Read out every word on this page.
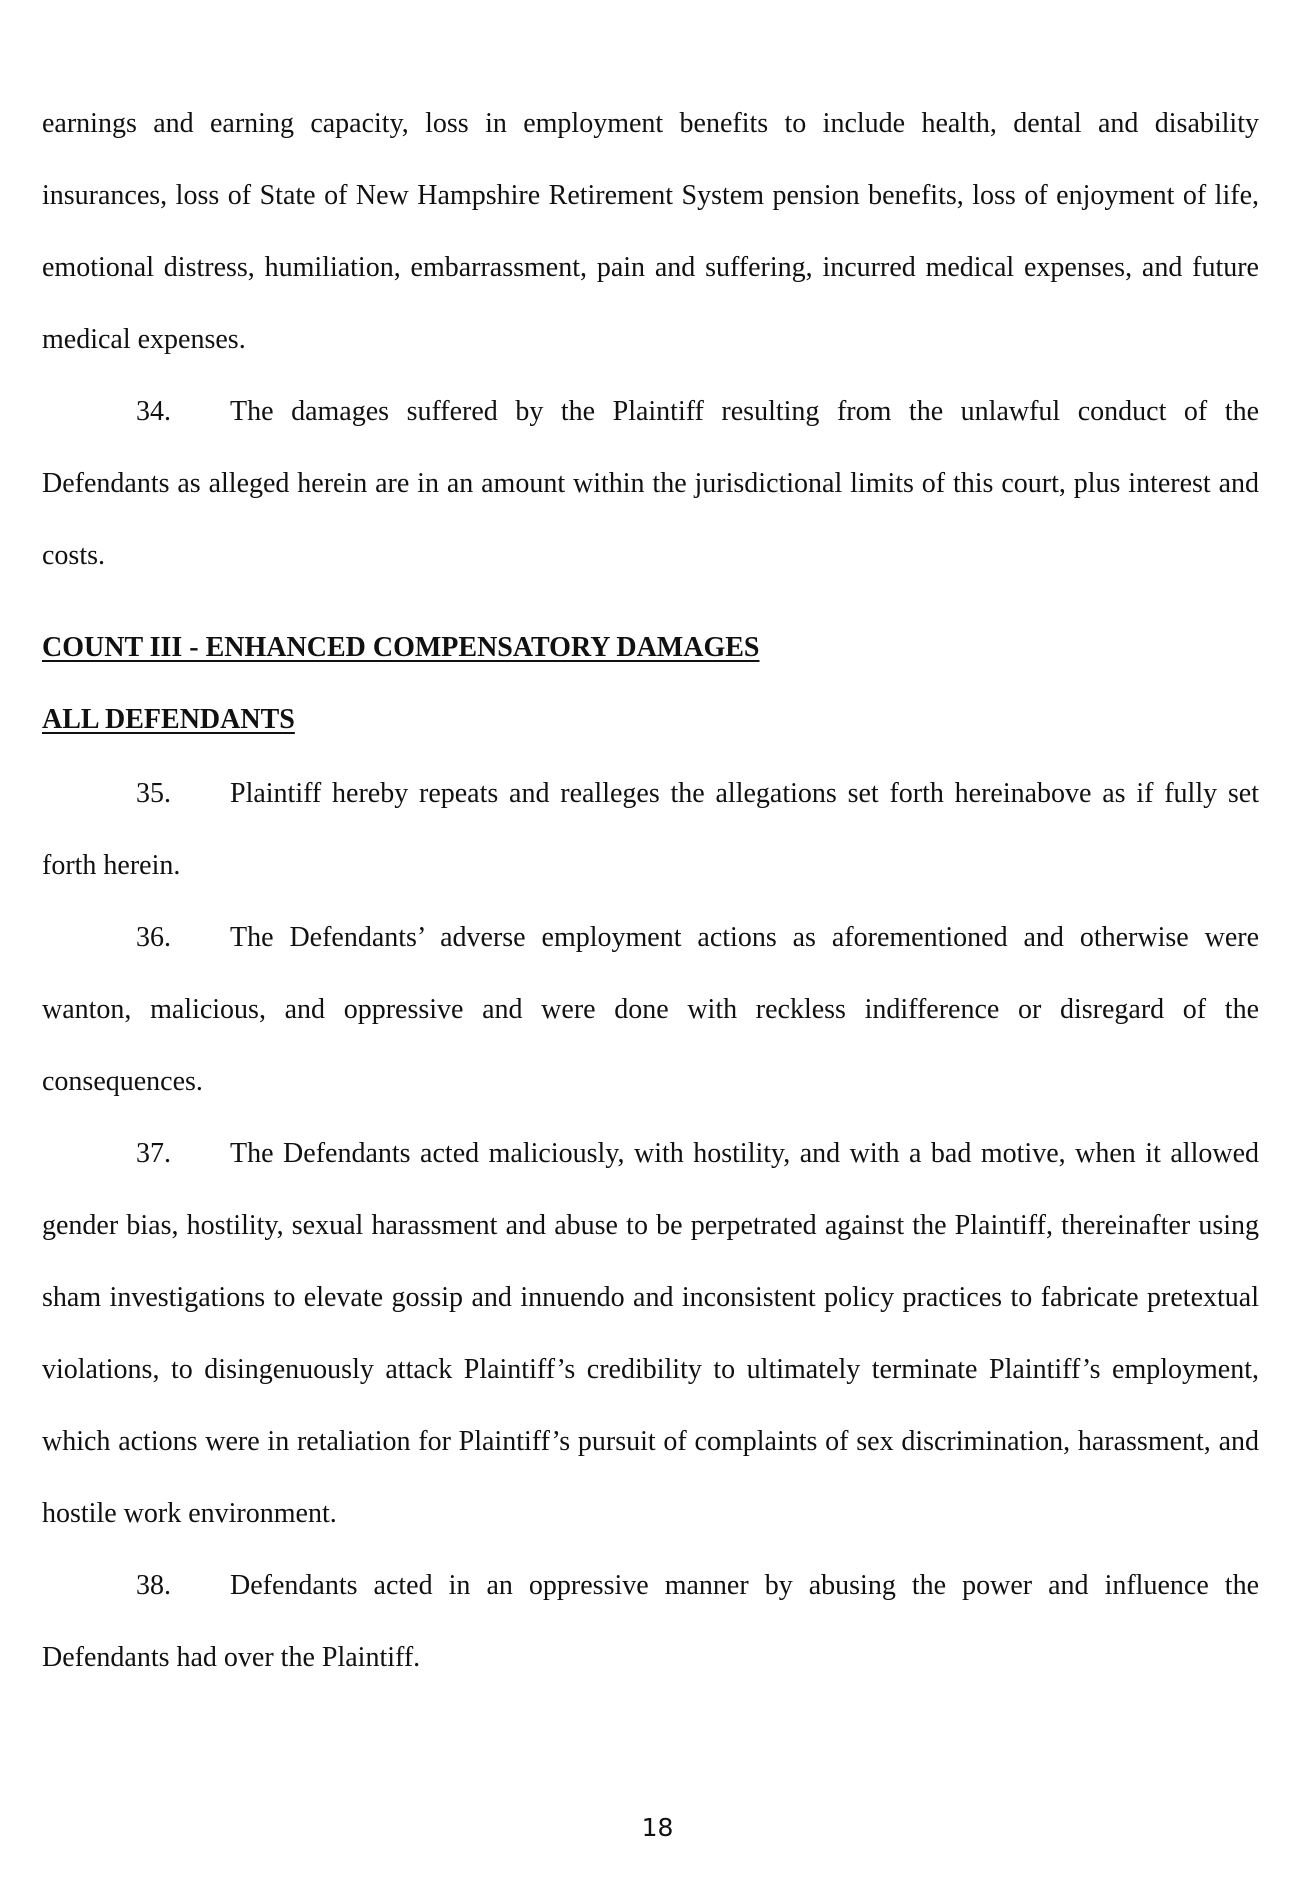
earnings and earning capacity, loss in employment benefits to include health, dental and disability insurances, loss of State of New Hampshire Retirement System pension benefits, loss of enjoyment of life, emotional distress, humiliation, embarrassment, pain and suffering, incurred medical expenses, and future medical expenses.

34. The damages suffered by the Plaintiff resulting from the unlawful conduct of the Defendants as alleged herein are in an amount within the jurisdictional limits of this court, plus interest and costs.

COUNT III - ENHANCED COMPENSATORY DAMAGES

ALL DEFENDANTS

35. Plaintiff hereby repeats and realleges the allegations set forth hereinabove as if fully set forth herein.

36. The Defendants’ adverse employment actions as aforementioned and otherwise were wanton, malicious, and oppressive and were done with reckless indifference or disregard of the consequences.

37. The Defendants acted maliciously, with hostility, and with a bad motive, when it allowed gender bias, hostility, sexual harassment and abuse to be perpetrated against the Plaintiff, thereinafter using sham investigations to elevate gossip and innuendo and inconsistent policy practices to fabricate pretextual violations, to disingenuously attack Plaintiff’s credibility to ultimately terminate Plaintiff’s employment, which actions were in retaliation for Plaintiff’s pursuit of complaints of sex discrimination, harassment, and hostile work environment.

38. Defendants acted in an oppressive manner by abusing the power and influence the Defendants had over the Plaintiff.

18
